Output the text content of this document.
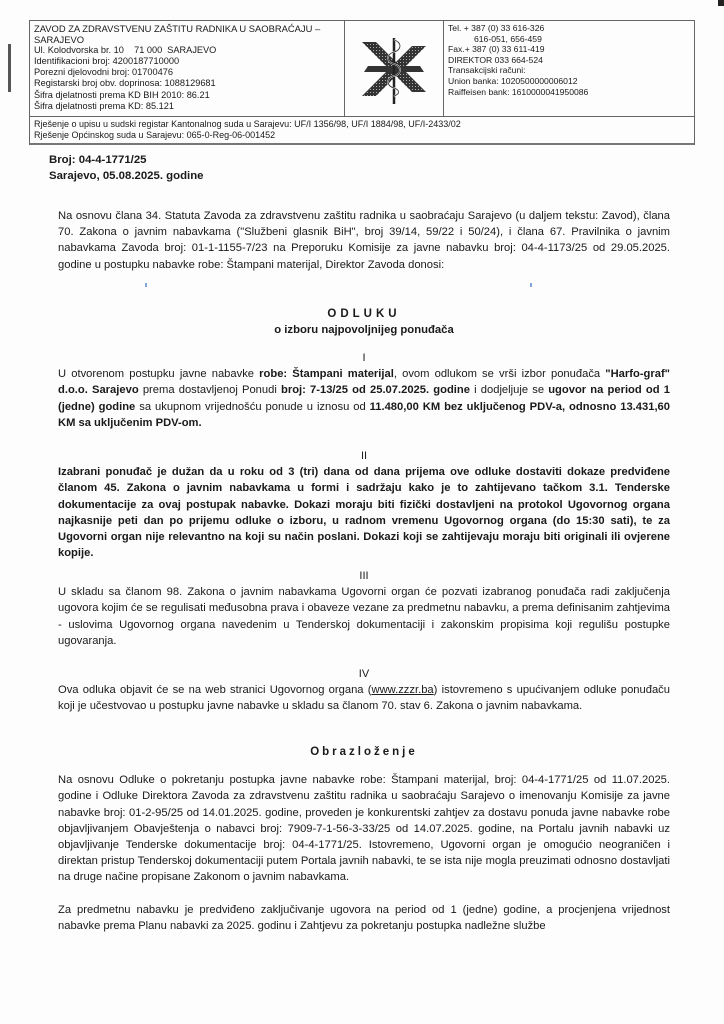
ZAVOD ZA ZDRAVSTVENU ZAŠTITU RADNIKA U SAOBRAĆAJU –
SARAJEVO
Ul. Kolodvorska br. 10    71 000  SARAJEVO
Identifikacioni broj: 4200187710000
Porezni djelovodni broj: 01700476
Registarski broj obv. doprinosa: 1088129681
Šifra djelatnosti prema KD BIH 2010: 86.21
Šifra djelatnosti prema KD: 85.121
Tel. + 387 (0) 33 616-326
616-051, 656-459
Fax.+ 387 (0) 33 611-419
DIREKTOR 033 664-524
Transakcijski računi:
Union banka: 1020500000006012
Raiffeisen bank: 1610000041950086
Rješenje o upisu u sudski registar Kantonalnog suda u Sarajevu: UF/I 1356/98, UF/I 1884/98, UF/I-2433/02
Rješenje Općinskog suda u Sarajevu: 065-0-Reg-06-001452
Broj: 04-4-1771/25
Sarajevo, 05.08.2025. godine

Na osnovu člana 34. Statuta Zavoda za zdravstvenu zaštitu radnika u saobraćaju Sarajevo (u daljem tekstu: Zavod), člana 70. Zakona o javnim nabavkama ("Službeni glasnik BiH", broj 39/14, 59/22 i 50/24), i člana 67. Pravilnika o javnim nabavkama Zavoda broj: 01-1-1155-7/23 na Preporuku Komisije za javne nabavku broj: 04-4-1173/25 od 29.05.2025. godine u postupku nabavke robe: Štampani materijal, Direktor Zavoda donosi:

ODLUKU
o izboru najpovoljnijeg ponuđača
I

U otvorenom postupku javne nabavke robe: Štampani materijal, ovom odlukom se vrši izbor ponuđača "Harfo-graf" d.o.o. Sarajevo prema dostavljenoj Ponudi broj: 7-13/25 od 25.07.2025. godine i dodjeljuje se ugovor na period od 1 (jedne) godine sa ukupnom vrijednošću ponude u iznosu od 11.480,00 KM bez uključenog PDV-a, odnosno 13.431,60 KM sa uključenim PDV-om.

II

Izabrani ponuđač je dužan da u roku od 3 (tri) dana od dana prijema ove odluke dostaviti dokaze predviđene članom 45. Zakona o javnim nabavkama u formi i sadržaju kako je to zahtijevano tačkom 3.1. Tenderske dokumentacije za ovaj postupak nabavke. Dokazi moraju biti fizički dostavljeni na protokol Ugovornog organa najkasnije peti dan po prijemu odluke o izboru, u radnom vremenu Ugovornog organa (do 15:30 sati), te za Ugovorni organ nije relevantno na koji su način poslani. Dokazi koji se zahtijevaju moraju biti originali ili ovjerene kopije.

III

U skladu sa članom 98. Zakona o javnim nabavkama Ugovorni organ će pozvati izabranog ponuđača radi zaključenja ugovora kojim će se regulisati međusobna prava i obaveze vezane za predmetnu nabavku, a prema definisanim zahtjevima - uslovima Ugovornog organa navedenim u Tenderskoj dokumentaciji i zakonskim propisima koji regulišu postupke ugovaranja.

IV

Ova odluka objavit će se na web stranici Ugovornog organa (www.zzzr.ba) istovremeno s upućivanjem odluke ponuđaču koji je učestvovao u postupku javne nabavke u skladu sa članom 70. stav 6. Zakona o javnim nabavkama.

Obrazloženje

Na osnovu Odluke o pokretanju postupka javne nabavke robe: Štampani materijal, broj: 04-4-1771/25 od 11.07.2025. godine i Odluke Direktora Zavoda za zdravstvenu zaštitu radnika u saobraćaju Sarajevo o imenovanju Komisije za javne nabavke broj: 01-2-95/25 od 14.01.2025. godine, proveden je konkurentski zahtjev za dostavu ponuda javne nabavke robe objavljivanjem Obavještenja o nabavci broj: 7909-7-1-56-3-33/25 od 14.07.2025. godine, na Portalu javnih nabavki uz objavljivanje Tenderske dokumentacije broj: 04-4-1771/25. Istovremeno, Ugovorni organ je omogućio neograničen i direktan pristup Tenderskoj dokumentaciji putem Portala javnih nabavki, te se ista nije mogla preuzimati odnosno dostavljati na druge načine propisane Zakonom o javnim nabavkama.

Za predmetnu nabavku je predviđeno zaključivanje ugovora na period od 1 (jedne) godine, a procjenjena vrijednost nabavke prema Planu nabavki za 2025. godinu i Zahtjevu za pokretanju postupka nadležne službe
